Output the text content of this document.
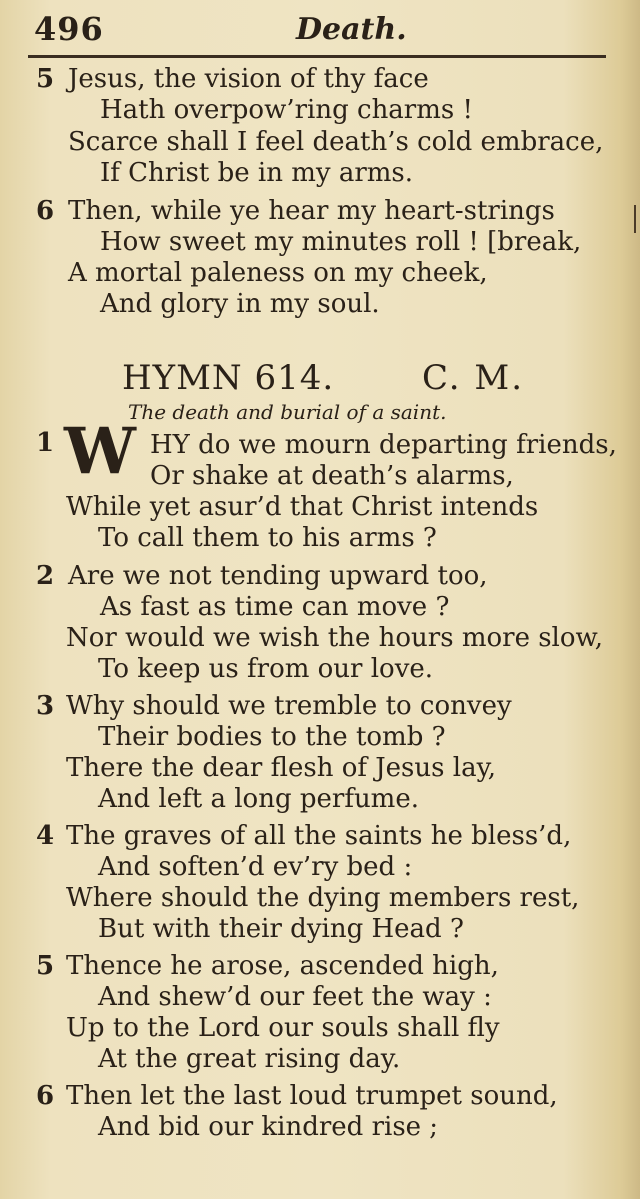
496	Death.
5 Jesus, the vision of thy face
Hath overpow’ring charms !
Scarce shall I feel death’s cold embrace,
If Christ be in my arms.
6 Then, while ye hear my heart-strings
How sweet my minutes roll ! [break,
A mortal paleness on my cheek,
And glory in my soul.
HYMN 614.	C. M.
The death and burial of a saint.
1 W HY do we mourn departing friends,
Or shake at death’s alarms,
While yet asur’d that Christ intends
To call them to his arms ?
2 Are we not tending upward too,
As fast as time can move ?
Nor would we wish the hours more slow,
To keep us from our love.
3 Why should we tremble to convey
Their bodies to the tomb ?
There the dear flesh of Jesus lay,
And left a long perfume.
4 The graves of all the saints he bless’d,
And soften’d ev’ry bed :
Where should the dying members rest,
But with their dying Head ?
5 Thence he arose, ascended high,
And shew’d our feet the way :
Up to the Lord our souls shall fly
At the great rising day.
6 Then let the last loud trumpet sound,
And bid our kindred rise ;
